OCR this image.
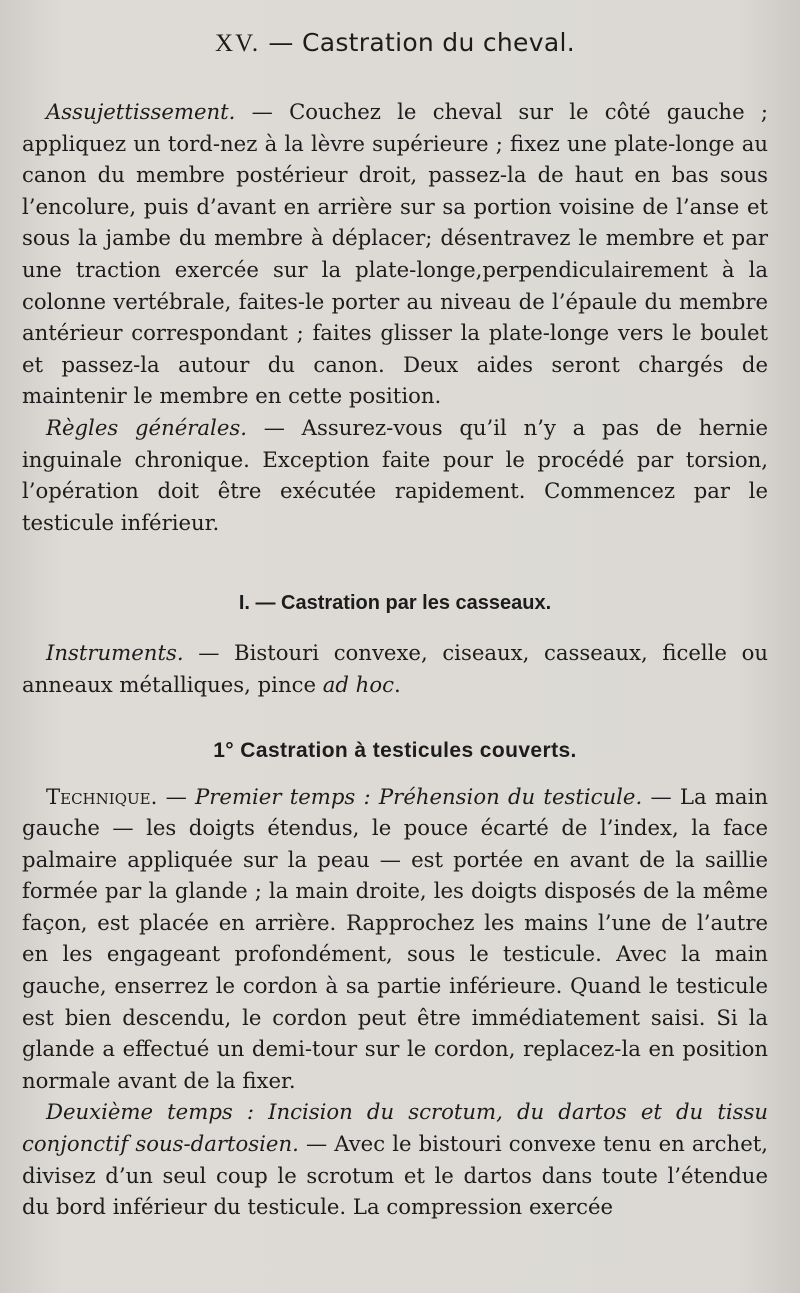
XV. — Castration du cheval.

Assujettissement. — Couchez le cheval sur le côté gauche ; appliquez un tord-nez à la lèvre supérieure ; fixez une plate-longe au canon du membre postérieur droit, passez-la de haut en bas sous l’encolure, puis d’avant en arrière sur sa portion voisine de l’anse et sous la jambe du membre à déplacer; désentravez le membre et par une traction exercée sur la plate-longe,perpendiculairement à la colonne vertébrale, faites-le porter au niveau de l’épaule du membre antérieur correspondant ; faites glisser la plate-longe vers le boulet et passez-la autour du canon. Deux aides seront chargés de maintenir le membre en cette position.

Règles générales. — Assurez-vous qu’il n’y a pas de hernie inguinale chronique. Exception faite pour le procédé par torsion, l’opération doit être exécutée rapidement. Commencez par le testicule inférieur.

I. — Castration par les casseaux.

Instruments. — Bistouri convexe, ciseaux, casseaux, ficelle ou anneaux métalliques, pince ad hoc.

1° Castration à testicules couverts.

Technique. — Premier temps : Préhension du testicule. — La main gauche — les doigts étendus, le pouce écarté de l’index, la face palmaire appliquée sur la peau — est portée en avant de la saillie formée par la glande ; la main droite, les doigts disposés de la même façon, est placée en arrière. Rapprochez les mains l’une de l’autre en les engageant profondément, sous le testicule. Avec la main gauche, enserrez le cordon à sa partie inférieure. Quand le testicule est bien descendu, le cordon peut être immédiatement saisi. Si la glande a effectué un demi-tour sur le cordon, replacez-la en position normale avant de la fixer.

Deuxième temps : Incision du scrotum, du dartos et du tissu conjonctif sous-dartosien. — Avec le bistouri convexe tenu en archet, divisez d’un seul coup le scrotum et le dartos dans toute l’étendue du bord inférieur du testicule. La compression exercée
